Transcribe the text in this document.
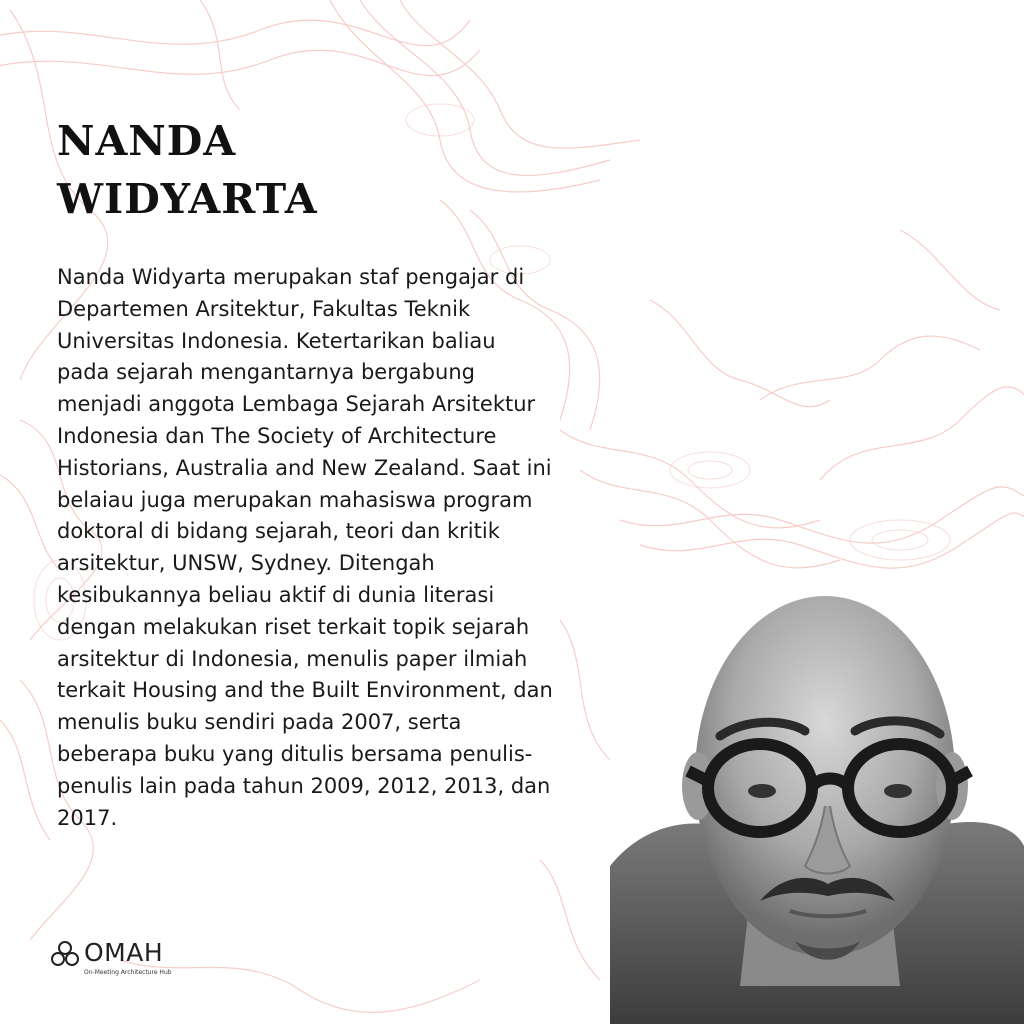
NANDA
WIDYARTA

Nanda Widyarta merupakan staf pengajar di
Departemen Arsitektur, Fakultas Teknik
Universitas Indonesia. Ketertarikan baliau
pada sejarah mengantarnya bergabung
menjadi anggota Lembaga Sejarah Arsitektur
Indonesia dan The Society of Architecture
Historians, Australia and New Zealand. Saat ini
belaiau juga merupakan mahasiswa program
doktoral di bidang sejarah, teori dan kritik
arsitektur, UNSW, Sydney. Ditengah
kesibukannya beliau aktif di dunia literasi
dengan melakukan riset terkait topik sejarah
arsitektur di Indonesia, menulis paper ilmiah
terkait Housing and the Built Environment, dan
menulis buku sendiri pada 2007, serta
beberapa buku yang ditulis bersama penulis-
penulis lain pada tahun 2009, 2012, 2013, dan
2017.

OMAH
On-Meeting Architecture Hub
